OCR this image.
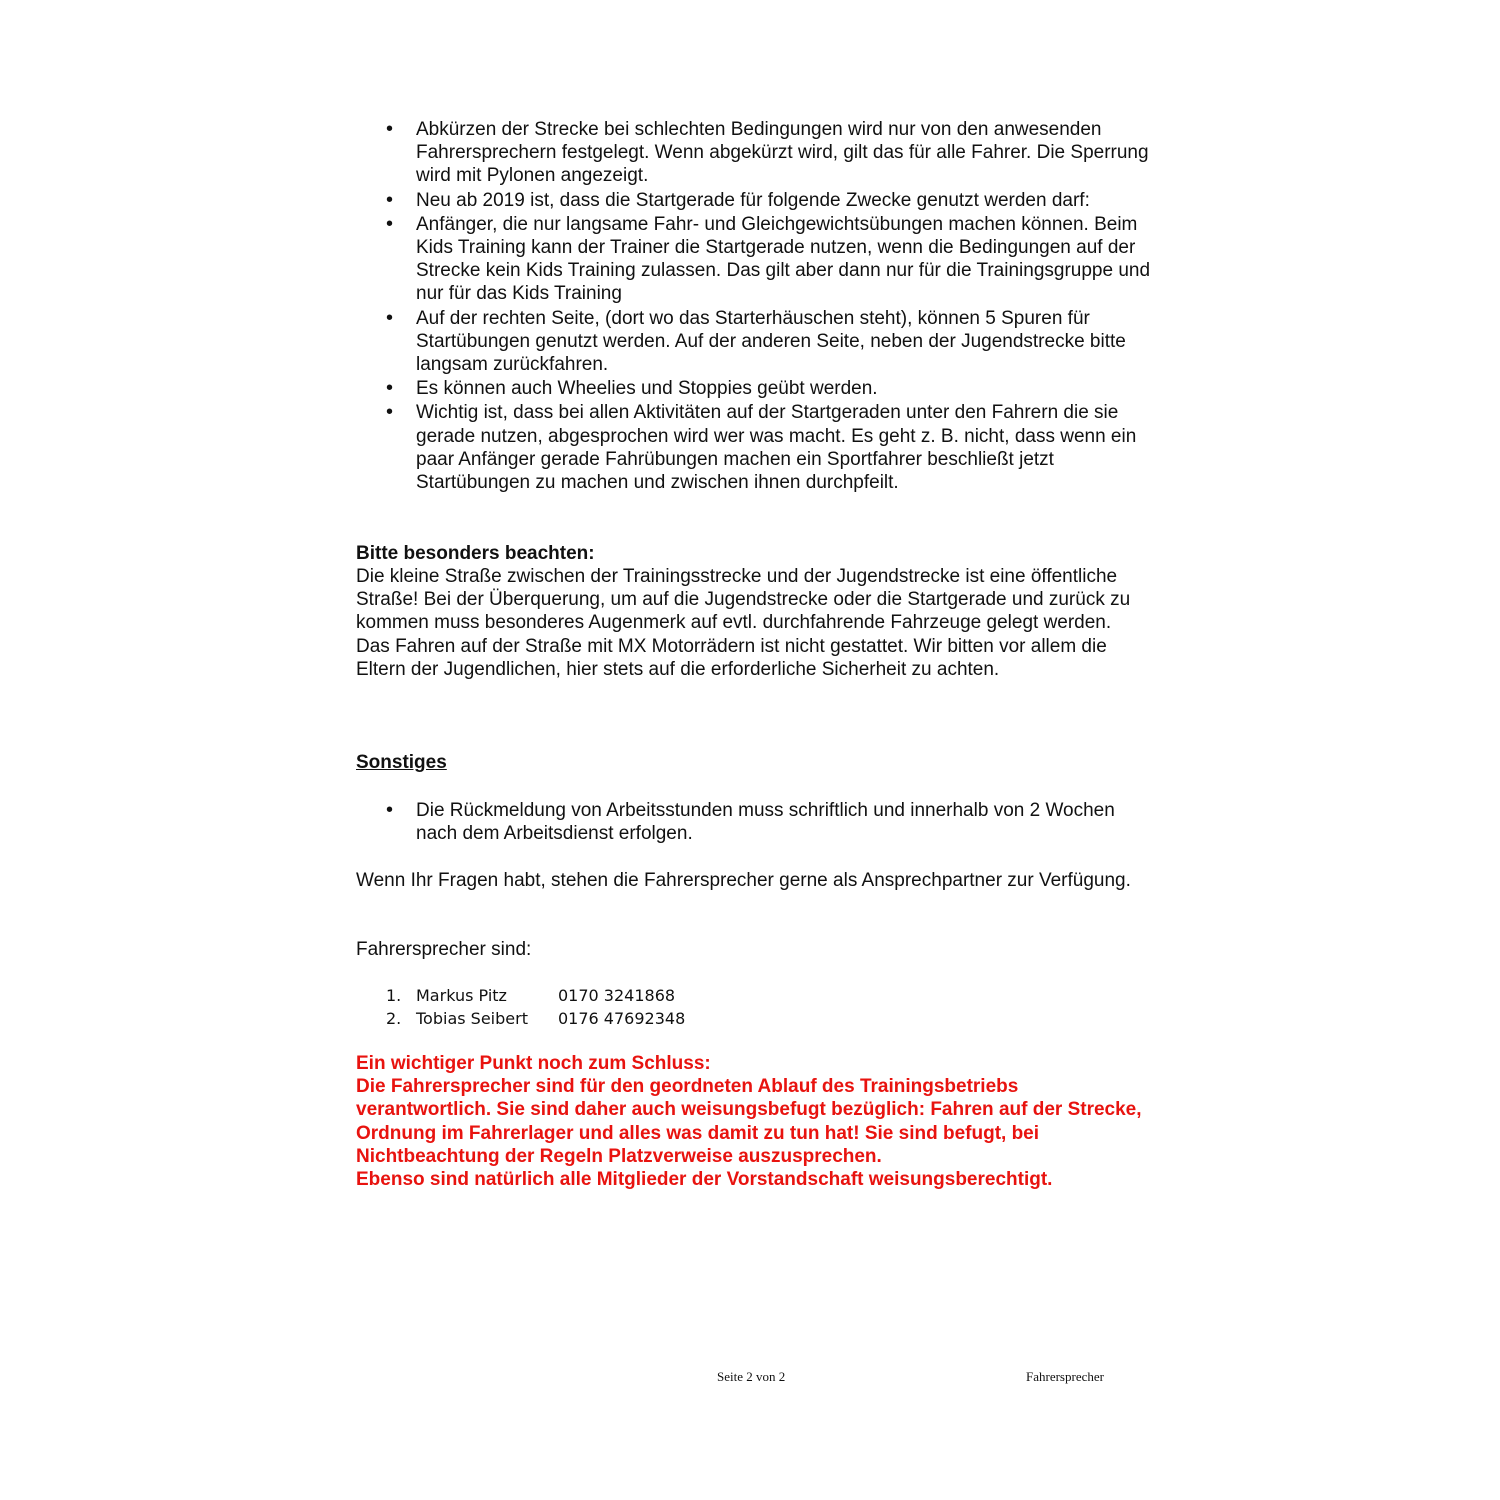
• Abkürzen der Strecke bei schlechten Bedingungen wird nur von den anwesenden Fahrersprechern festgelegt. Wenn abgekürzt wird, gilt das für alle Fahrer. Die Sperrung wird mit Pylonen angezeigt.
• Neu ab 2019 ist, dass die Startgerade für folgende Zwecke genutzt werden darf:
• Anfänger, die nur langsame Fahr- und Gleichgewichtsübungen machen können. Beim Kids Training kann der Trainer die Startgerade nutzen, wenn die Bedingungen auf der Strecke kein Kids Training zulassen. Das gilt aber dann nur für die Trainingsgruppe und nur für das Kids Training
• Auf der rechten Seite, (dort wo das Starterhäuschen steht), können 5 Spuren für Startübungen genutzt werden. Auf der anderen Seite, neben der Jugendstrecke bitte langsam zurückfahren.
• Es können auch Wheelies und Stoppies geübt werden.
• Wichtig ist, dass bei allen Aktivitäten auf der Startgeraden unter den Fahrern die sie gerade nutzen, abgesprochen wird wer was macht. Es geht z. B. nicht, dass wenn ein paar Anfänger gerade Fahrübungen machen ein Sportfahrer beschließt jetzt Startübungen zu machen und zwischen ihnen durchpfeilt.

Bitte besonders beachten:

Die kleine Straße zwischen der Trainingsstrecke und der Jugendstrecke ist eine öffentliche Straße! Bei der Überquerung, um auf die Jugendstrecke oder die Startgerade und zurück zu kommen muss besonderes Augenmerk auf evtl. durchfahrende Fahrzeuge gelegt werden. Das Fahren auf der Straße mit MX Motorrädern ist nicht gestattet. Wir bitten vor allem die Eltern der Jugendlichen, hier stets auf die erforderliche Sicherheit zu achten.

Sonstiges

• Die Rückmeldung von Arbeitsstunden muss schriftlich und innerhalb von 2 Wochen nach dem Arbeitsdienst erfolgen.

Wenn Ihr Fragen habt, stehen die Fahrersprecher gerne als Ansprechpartner zur Verfügung.

Fahrersprecher sind:

1. Markus Pitz	0170 3241868
2. Tobias Seibert	0176 47692348
Ein wichtiger Punkt noch zum Schluss:
Die Fahrersprecher sind für den geordneten Ablauf des Trainingsbetriebs verantwortlich. Sie sind daher auch weisungsbefugt bezüglich: Fahren auf der Strecke, Ordnung im Fahrerlager und alles was damit zu tun hat! Sie sind befugt, bei Nichtbeachtung der Regeln Platzverweise auszusprechen.
Ebenso sind natürlich alle Mitglieder der Vorstandschaft weisungsberechtigt.
Seite 2 von 2	Fahrersprecher
